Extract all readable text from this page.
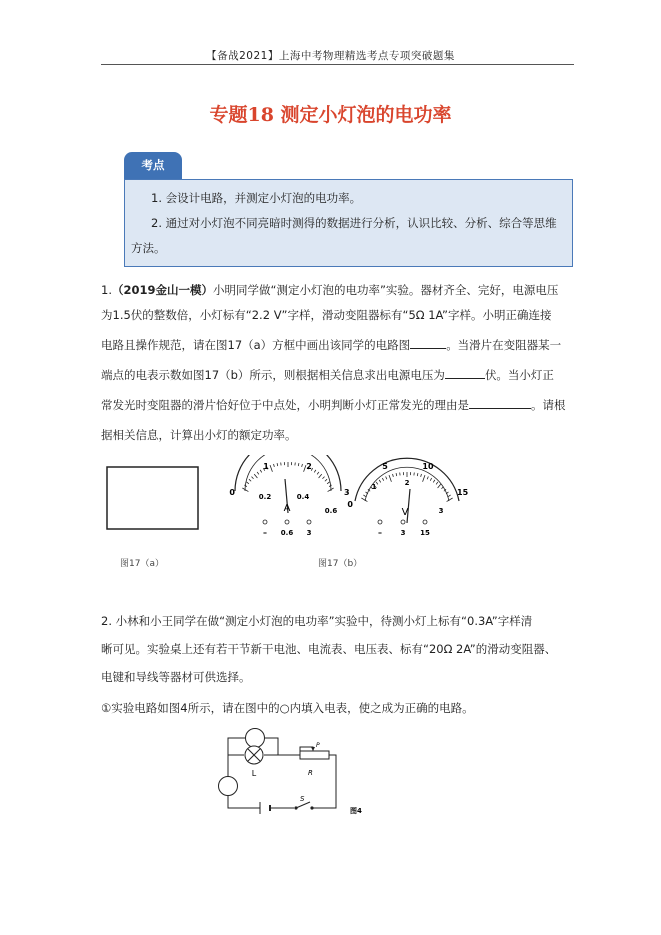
【备战2021】上海中考物理精选考点专项突破题集
专题18 测定小灯泡的电功率
考点
1. 会设计电路，并测定小灯泡的电功率。
2. 通过对小灯泡不同亮暗时测得的数据进行分析，认识比较、分析、综合等思维
方法。
1.（2019金山一模）小明同学做“测定小灯泡的电功率”实验。器材齐全、完好，电源电压
为1.5伏的整数倍，小灯标有“2.2 V”字样，滑动变阻器标有“5Ω 1A”字样。小明正确连接
电路且操作规范，请在图17（a）方框中画出该同学的电路图	。当滑片在变阻器某一
端点的电表示数如图17（b）所示，则根据相关信息求出电源电压为	伏。当小灯正
常发光时变阻器的滑片恰好位于中点处，小明判断小灯正常发光的理由是	。请根
据相关信息，计算出小灯的额定功率。
0
1	2
3
0.2	0.4
0.6
A
– 0.6 3
0
5	10
15
1	2
3
V
–	3 15
图17（a）	图17（b）
2. 小林和小王同学在做“测定小灯泡的电功率”实验中，待测小灯上标有“0.3A”字样清
晰可见。实验桌上还有若干节新干电池、电流表、电压表、标有“20Ω 2A”的滑动变阻器、
电键和导线等器材可供选择。
①实验电路如图4所示，请在图中的○内填入电表，使之成为正确的电路。
L
P
R
S
图4
